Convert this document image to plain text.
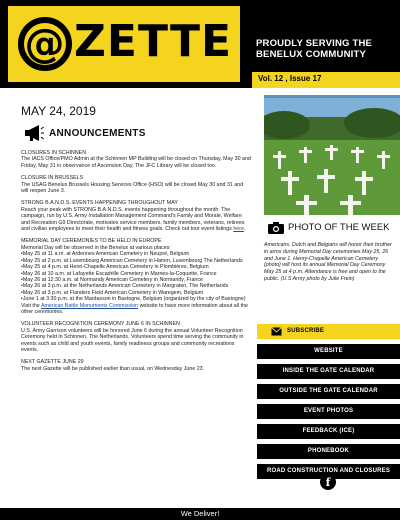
@ ZETTE	PROUDLY SERVING THE
BENELUX COMMUNITY
Vol. 12 , Issue 17
MAY 24, 2019
ANNOUNCEMENTS
CLOSURES IN SCHINNEN

The IACS Office/PMO Admin at the Schinnen MP Building will be closed on Thursday, May 30 and Friday, May 31 in observance of Ascension Day. The JFC Library will be closed too.

CLOSURE IN BRUSSELS

The USAG Benelux Brussels Housing Services Office (HSO) will be closed May 30 and 31 and will reopen June 3.

STRONG B.A.N.D.S. EVENTS HAPPENING THROUGHOUT MAY

Reach your peak with STRONG B.A.N.D.S. events happening throughout the month. The campaign, run by U.S. Army Installation Management Command's Family and Morale, Welfare and Recreation G9 Directorate, motivates service members, family members, veterans, retirees and civilian employees to meet their health and fitness goals. Check out tour event listings here.

MEMORIAL DAY CEREMONIES TO BE HELD IN EUROPE

Memorial Day will be observed in the Benelux at various places:

•May 25 at 11 a.m. at Ardennes American Cemetery in Neupré, Belgium

•May 25 at 2 p.m. at Luxembourg American Cemetery in Hamm, Luxembourg The Netherlands

•May 25 at 4 p.m. at Henri-Chapelle American Cemetery in Plombières, Belgium

•May 26 at 10 a.m. at Lafayette Escadrille Cemetery in Marnes-la-Coquette, France

•May 26 at 12:30 a.m. at Normandy American Cemetery in Normandy, France

•May 26 at 3 p.m. at the Netherlands American Cemetery in Margraten, The Netherlands

•May 26 at 3 p.m. at Flanders Field American Cemetery in Waregem, Belgium

•June 1 at 3:30 p.m. at the Mardasson in Bastogne, Belgium (organized by the city of Bastogne)

Visit the American Battle Monuments Commission website to have more information about all the other ceremonies.

VOLUNTEER RECOGNITION CEREMONY JUNE 6 IN SCHINNEN

U.S. Army Garrison volunteers will be honored June 6 during the annual Volunteer Recognition Ceremony held in Schinnen, The Netherlands. Volunteers spend time serving the community in events such as child and youth events, family readiness groups and community recreations events.

NEXT GAZETTE JUNE 29

The next Gazette will be published earlier than usual, on Wednesday June 23.

PHOTO OF THE WEEK
Americans, Dutch and Belgians will honor their brother in arms during Memorial Day ceremonies May 25, 26 and June 1. Henry-Chapelle American Cemetery (photo) will host its annual Memorial Day Ceremony May 25 at 4 p.m. Attendance is free and open to the public. (U.S Army photo by Julie Frein)
SUBSCRIBE
WEBSITE
INSIDE THE GATE CALENDAR
OUTSIDE THE GATE CALENDAR
EVENT PHOTOS
FEEDBACK (ICE)
PHONEBOOK
ROAD CONSTRUCTION AND CLOSURES
f
We Deliver!
